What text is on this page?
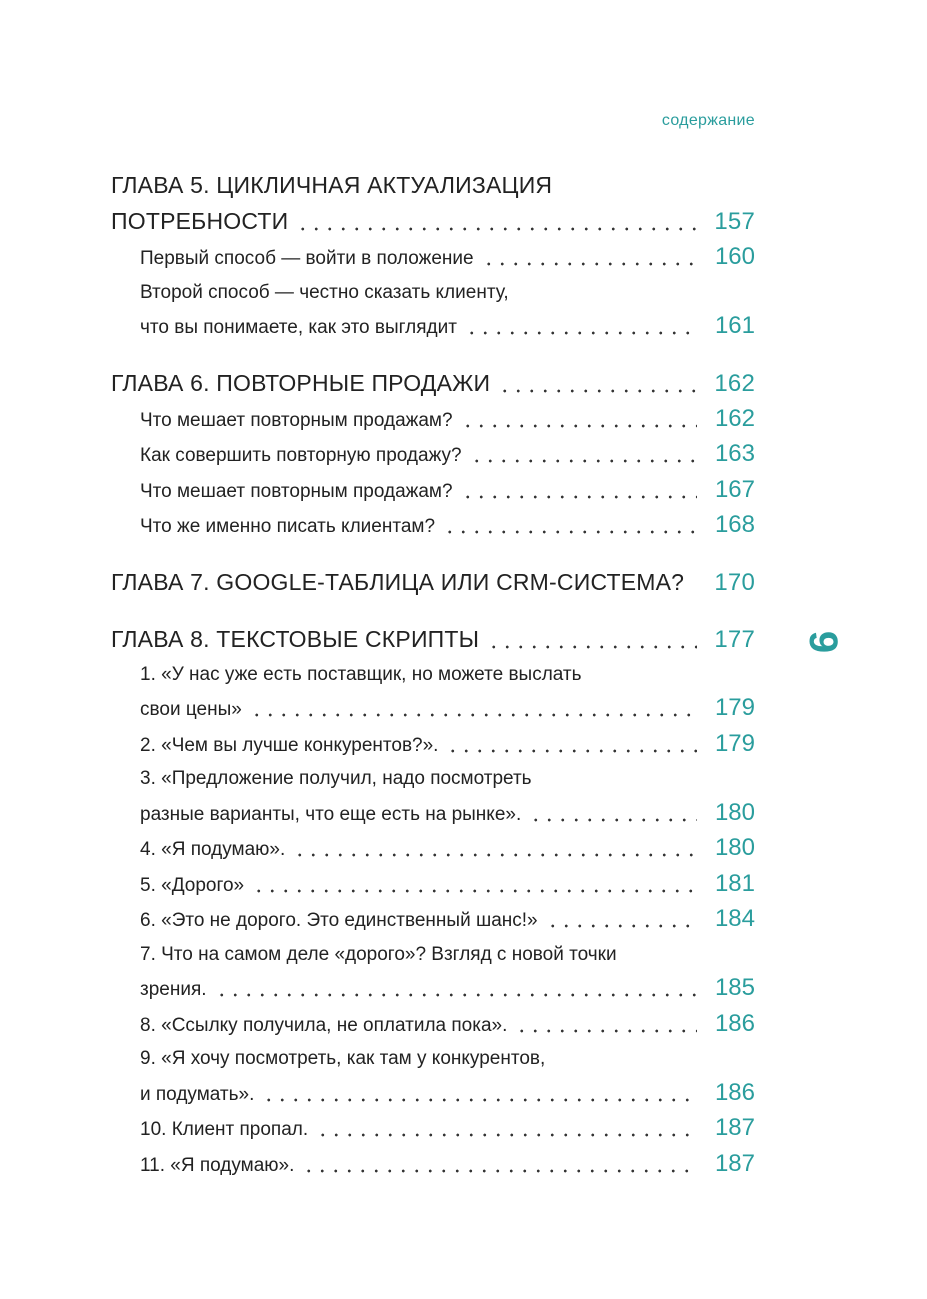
содержание
9
ГЛАВА 5. ЦИКЛИЧНАЯ АКТУАЛИЗАЦИЯ
ПОТРЕБНОСТИ	157
Первый способ — войти в положение	160
Второй способ — честно сказать клиенту,
что вы понимаете, как это выглядит	161
ГЛАВА 6. ПОВТОРНЫЕ ПРОДАЖИ	162
Что мешает повторным продажам?	162
Как совершить повторную продажу?	163
Что мешает повторным продажам?	167
Что же именно писать клиентам?	168
ГЛАВА 7. GOOGLE-ТАБЛИЦА ИЛИ CRM-СИСТЕМА?	170
ГЛАВА 8. ТЕКСТОВЫЕ СКРИПТЫ	177
1. «У нас уже есть поставщик, но можете выслать
свои цены»	179
2. «Чем вы лучше конкурентов?».	179
3. «Предложение получил, надо посмотреть
разные варианты, что еще есть на рынке».	180
4. «Я подумаю».	180
5. «Дорого»	181
6. «Это не дорого. Это единственный шанс!»	184
7. Что на самом деле «дорого»? Взгляд с новой точки
зрения.	185
8. «Ссылку получила, не оплатила пока».	186
9. «Я хочу посмотреть, как там у конкурентов,
и подумать».	186
10. Клиент пропал.	187
11. «Я подумаю».	187
